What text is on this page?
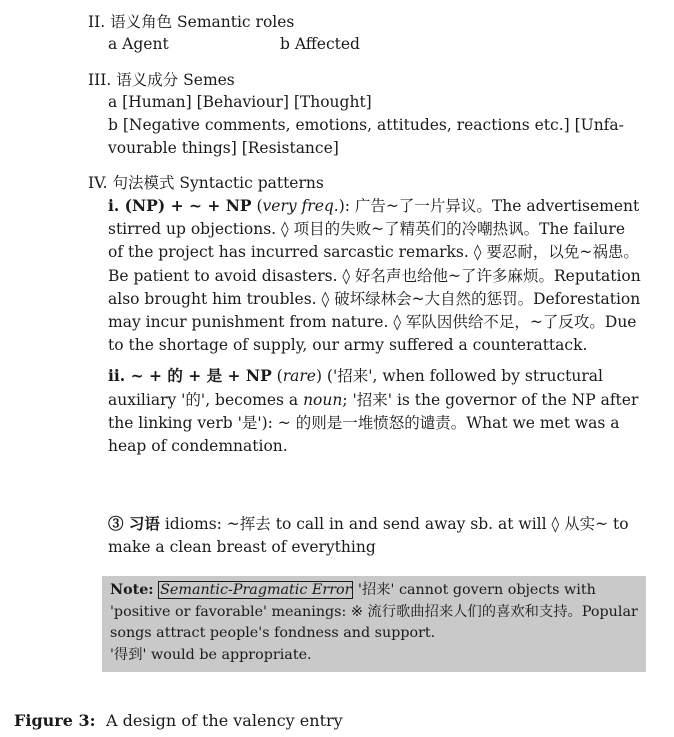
II. 语义角色 Semantic roles
a Agent	b Affected
III. 语义成分 Semes
a [Human] [Behaviour] [Thought]
b [Negative comments, emotions, attitudes, reactions etc.] [Unfa-
vourable things] [Resistance]
IV. 句法模式 Syntactic patterns
i. (NP) + ~ + NP (very freq.): 广告~了一片异议。The advertisement stirred up objections. ◊ 项目的失败~了精英们的冷嘲热讽。The failure of the project has incurred sarcastic remarks. ◊ 要忍耐，以免~祸患。Be patient to avoid disasters. ◊ 好名声也给他~了许多麻烦。Reputation also brought him troubles. ◊ 破坏绿林会~大自然的惩罚。Deforestation may incur punishment from nature. ◊ 军队因供给不足，~了反攻。Due to the shortage of supply, our army suffered a counterattack.
ii. ~ + 的 + 是 + NP (rare) ('招来', when followed by structural auxiliary '的', becomes a noun; '招来' is the governor of the NP after the linking verb '是'): ~ 的则是一堆愤怒的谴责。What we met was a heap of condemnation.
③ 习语 idioms: ~挥去 to call in and send away sb. at will ◊ 从实~ to make a clean breast of everything
Note: Semantic-Pragmatic Error '招来' cannot govern objects with 'positive or favorable' meanings: ※ 流行歌曲招来人们的喜欢和支持。Popular songs attract people's fondness and support.
'得到' would be appropriate.
Figure 3: A design of the valency entry
